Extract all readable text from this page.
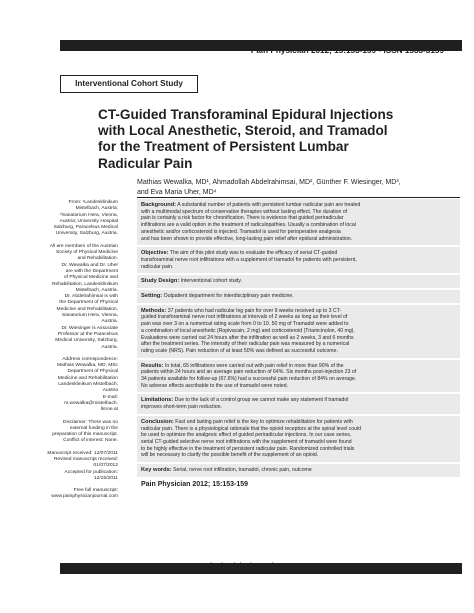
Pain Physician 2012; 15:153-159 • ISSN 1533-3159
Interventional Cohort Study
CT-Guided Transforaminal Epidural Injections
with Local Anesthetic, Steroid, and Tramadol
for the Treatment of Persistent Lumbar
Radicular Pain
Mathias Wewalka, MD¹, Ahmadollah Abdelrahimsai, MD², Günther F. Wiesinger, MD³,
and Eva Maria Uher, MD⁴
From: ¹Landesklinikum
Mistelbach, Austria;
²Sanatorium Hera, Vienna,
Austria; University Hospital
Salzburg, Paracelsus Medical
University, Salzburg, Austria.
All are members of the Austrian
Society of Physical Medicine
and Rehabilitation.
Dr. Wewalka and Dr. Uher
are with the Department
of Physical Medicine and
Rehabilitation, Landesklinikum
Mistelbach, Austria.
Dr. Abdelrahimsai is with
the Department of Physical
Medicine and Rehabilitation,
Sanatorium Hera, Vienna,
Austria.
Dr. Wiesinger is Associate
Professor at the Paracelsus
Medical University, Salzburg,
Austria.
Address correspondence:
Mathias Wewalka, MD, MSc
Department of Physical
Medicine and Rehabilitation
Landesklinikum Mistelbach,
Austria
E-mail:
m.wewalka@mistelbach.
lknoe.at
Disclaimer: There was no
external funding in the
preparation of this manuscript.
Conflict of interest: None.
Manuscript received: 12/07/2011
Revised manuscript received:
01/07/2012
Accepted for publication:
12/15/2011
Free full manuscript:
www.painphysicianjournal.com
Background: A substantial number of patients with persistent lumbar radicular pain are treated
with a multimodal spectrum of conservative therapies without lasting effect. The duration of
pain is certainly a risk factor for chronification. There is evidence that guided periradicular
infiltrations are a valid option in the treatment of radiculopathies. Usually a combination of local
anesthetic and/or corticosteroid is injected. Tramadol is used for perioperative analgesia
and has been shown to provide effective, long-lasting pain relief after epidural administration.
Objective: The aim of this pilot study was to evaluate the efficacy of serial CT-guided
transforaminal nerve root infiltrations with a supplement of tramadol for patients with persistent,
radicular pain.
Study Design: Interventional cohort study.
Setting: Outpatient department for interdisciplinary pain medicine.
Methods: 37 patients who had radicular leg pain for over 9 weeks received up to 3 CT-
guided transforaminal nerve root infiltrations at intervals of 2 weeks as long as their level of
pain was over 3 on a numerical rating scale from 0 to 10. 50 mg of Tramadol were added to
a combination of local anesthetic (Ropivacain, 2 mg) and corticosteroid (Triamcinolon, 40 mg).
Evaluations were carried out 24 hours after the infiltration as well as 2 weeks, 3 and 6 months
after the treatment series. The intensity of their radicular pain was measured by a numerical
rating scale (NRS). Pain reduction of at least 50% was defined as successful outcome.
Results: In total, 65 infiltrations were carried out with pain relief in more than 90% of the
patients within 24 hours and an average pain reduction of 64%. Six months post-injection 23 of
34 patients available for follow-up (67.6%) had a successful pain reduction of 84% on average.
No adverse effects ascribable to the use of tramadol were noted.
Limitations: Due to the lack of a control group we cannot make any statement if tramadol
improves short-term pain reduction.
Conclusion: Fast and lasting pain relief is the key to optimize rehabilitation for patients with
radicular pain. There is a physiological rationale that the opioid receptors at the spinal level could
be used to optimize the analgesic effect of guided periradicular injections. In our case series,
serial CT-guided selective nerve root infiltrations with the supplement of tramadol were found
to be highly effective in the treatment of persistent radicular pain. Randomized controlled trials
will be necessary to clarify the possible benefit of the supplement of an opioid.
Key words: Serial, nerve root infiltration, tramadol, chronic pain, outcome
Pain Physician 2012; 15:153-159
www.painphysicianjournal.com
